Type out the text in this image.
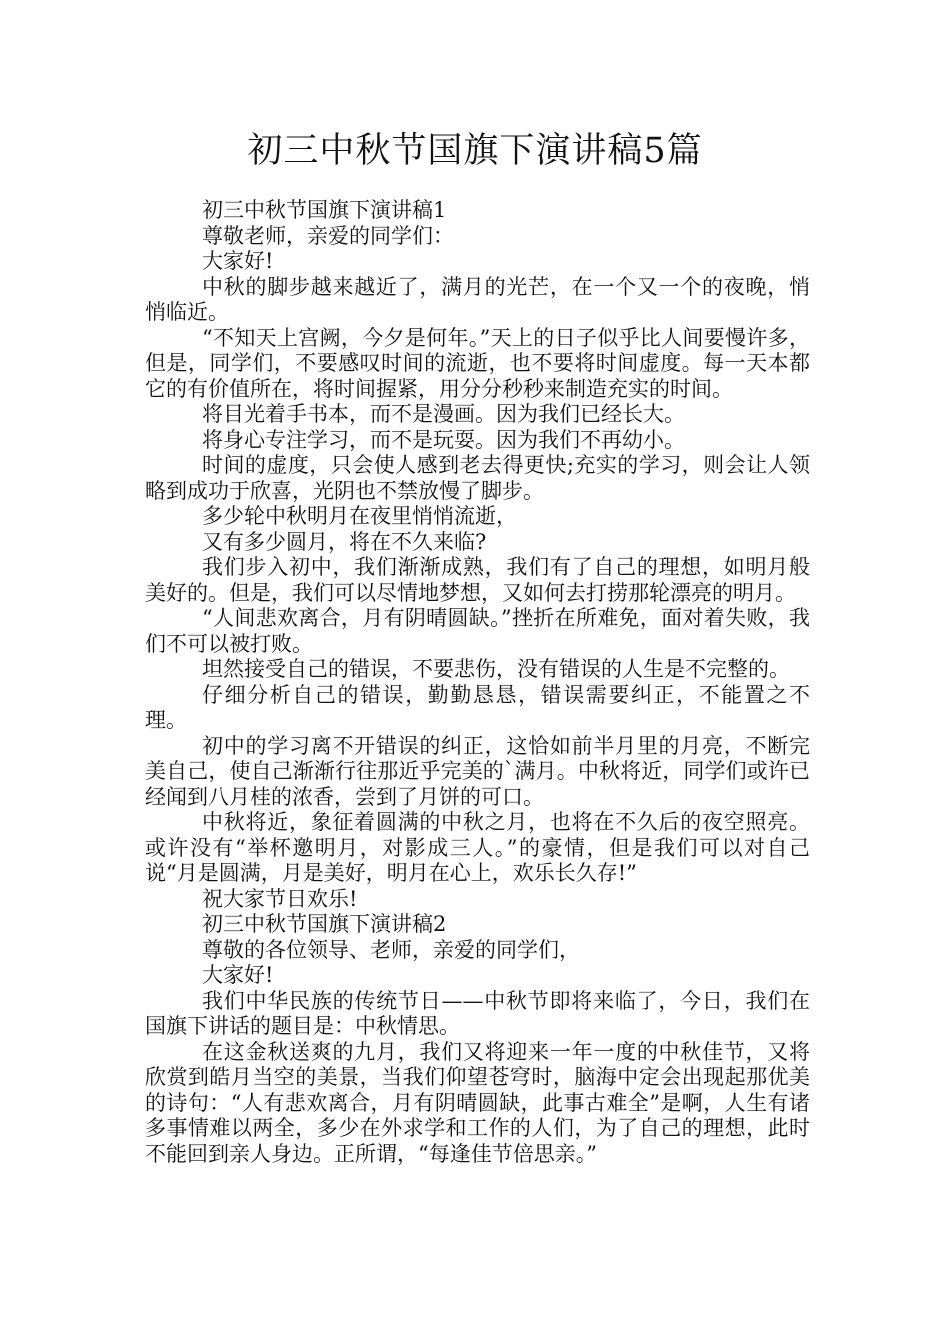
初三中秋节国旗下演讲稿5篇

初三中秋节国旗下演讲稿1

尊敬老师，亲爱的同学们：

大家好!

中秋的脚步越来越近了，满月的光芒，在一个又一个的夜晚，悄悄临近。

“不知天上宫阙，今夕是何年。”天上的日子似乎比人间要慢许多，但是，同学们，不要感叹时间的流逝，也不要将时间虚度。每一天本都它的有价值所在，将时间握紧，用分分秒秒来制造充实的时间。

将目光着手书本，而不是漫画。因为我们已经长大。

将身心专注学习，而不是玩耍。因为我们不再幼小。

时间的虚度，只会使人感到老去得更快;充实的学习，则会让人领略到成功于欣喜，光阴也不禁放慢了脚步。

多少轮中秋明月在夜里悄悄流逝，

又有多少圆月，将在不久来临?

我们步入初中，我们渐渐成熟，我们有了自己的理想，如明月般美好的。但是，我们可以尽情地梦想，又如何去打捞那轮漂亮的明月。

“人间悲欢离合，月有阴晴圆缺。”挫折在所难免，面对着失败，我们不可以被打败。

坦然接受自己的错误，不要悲伤，没有错误的人生是不完整的。

仔细分析自己的错误，勤勤恳恳，错误需要纠正，不能置之不理。

初中的学习离不开错误的纠正，这恰如前半月里的月亮，不断完美自己，使自己渐渐行往那近乎完美的`满月。中秋将近，同学们或许已经闻到八月桂的浓香，尝到了月饼的可口。

中秋将近，象征着圆满的中秋之月，也将在不久后的夜空照亮。或许没有“举杯邀明月，对影成三人。”的豪情，但是我们可以对自己说“月是圆满，月是美好，明月在心上，欢乐长久存!”

祝大家节日欢乐!

初三中秋节国旗下演讲稿2

尊敬的各位领导、老师，亲爱的同学们，

大家好!

我们中华民族的传统节日——中秋节即将来临了，今日，我们在国旗下讲话的题目是：中秋情思。

在这金秋送爽的九月，我们又将迎来一年一度的中秋佳节，又将欣赏到皓月当空的美景，当我们仰望苍穹时，脑海中定会出现起那优美的诗句：“人有悲欢离合，月有阴晴圆缺，此事古难全”是啊，人生有诸多事情难以两全，多少在外求学和工作的人们，为了自己的理想，此时不能回到亲人身边。正所谓，“每逢佳节倍思亲。”
